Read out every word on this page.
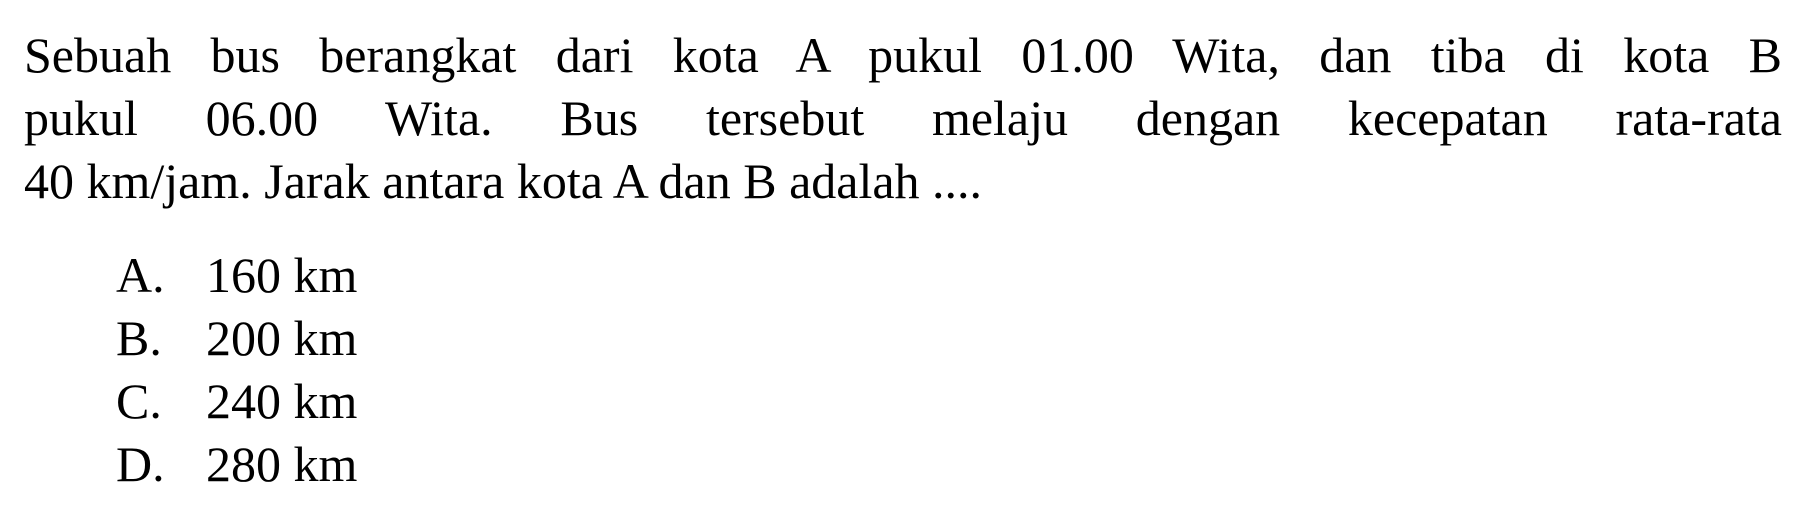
Sebuah bus berangkat dari kota A pukul 01.00 Wita, dan tiba di kota B
pukul 06.00 Wita. Bus tersebut melaju dengan kecepatan rata-rata
40 km/jam. Jarak antara kota A dan B adalah ....

A. 160 km
B. 200 km
C. 240 km
D. 280 km
